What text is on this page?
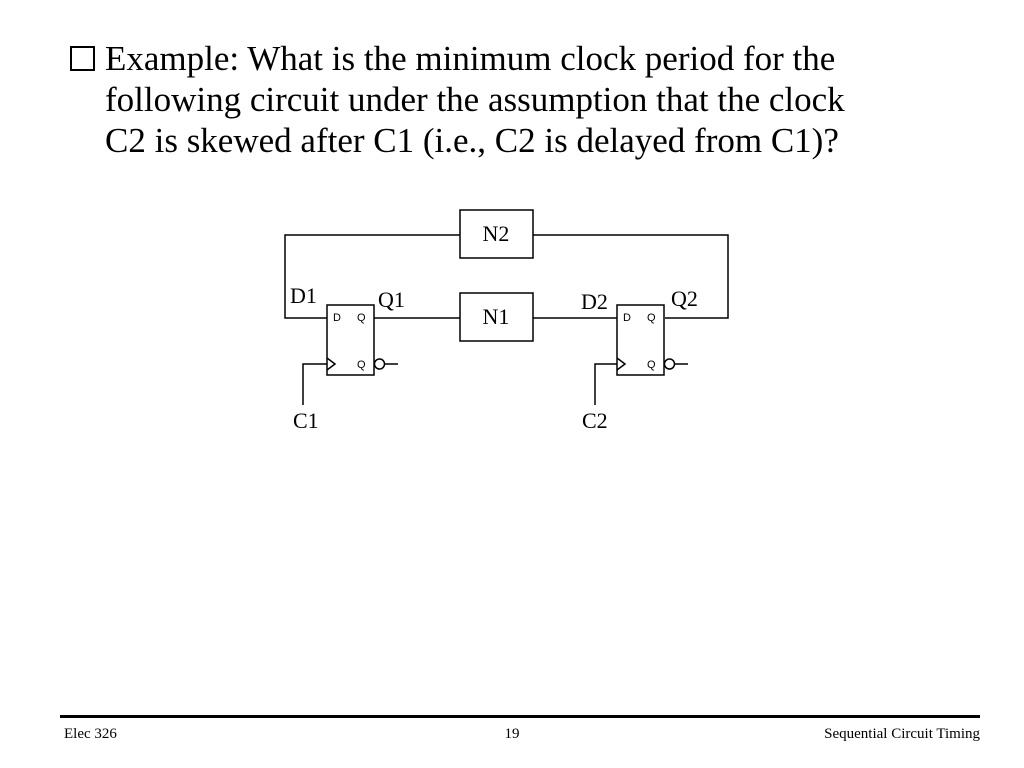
Example: What is the minimum clock period for the
following circuit under the assumption that the clock
C2 is skewed after C1 (i.e., C2 is delayed from C1)?
N2
N1
D1	Q1	D2	Q2
C1	C2
D Q
Q
D Q
Q
Elec 326	19	Sequential Circuit Timing
